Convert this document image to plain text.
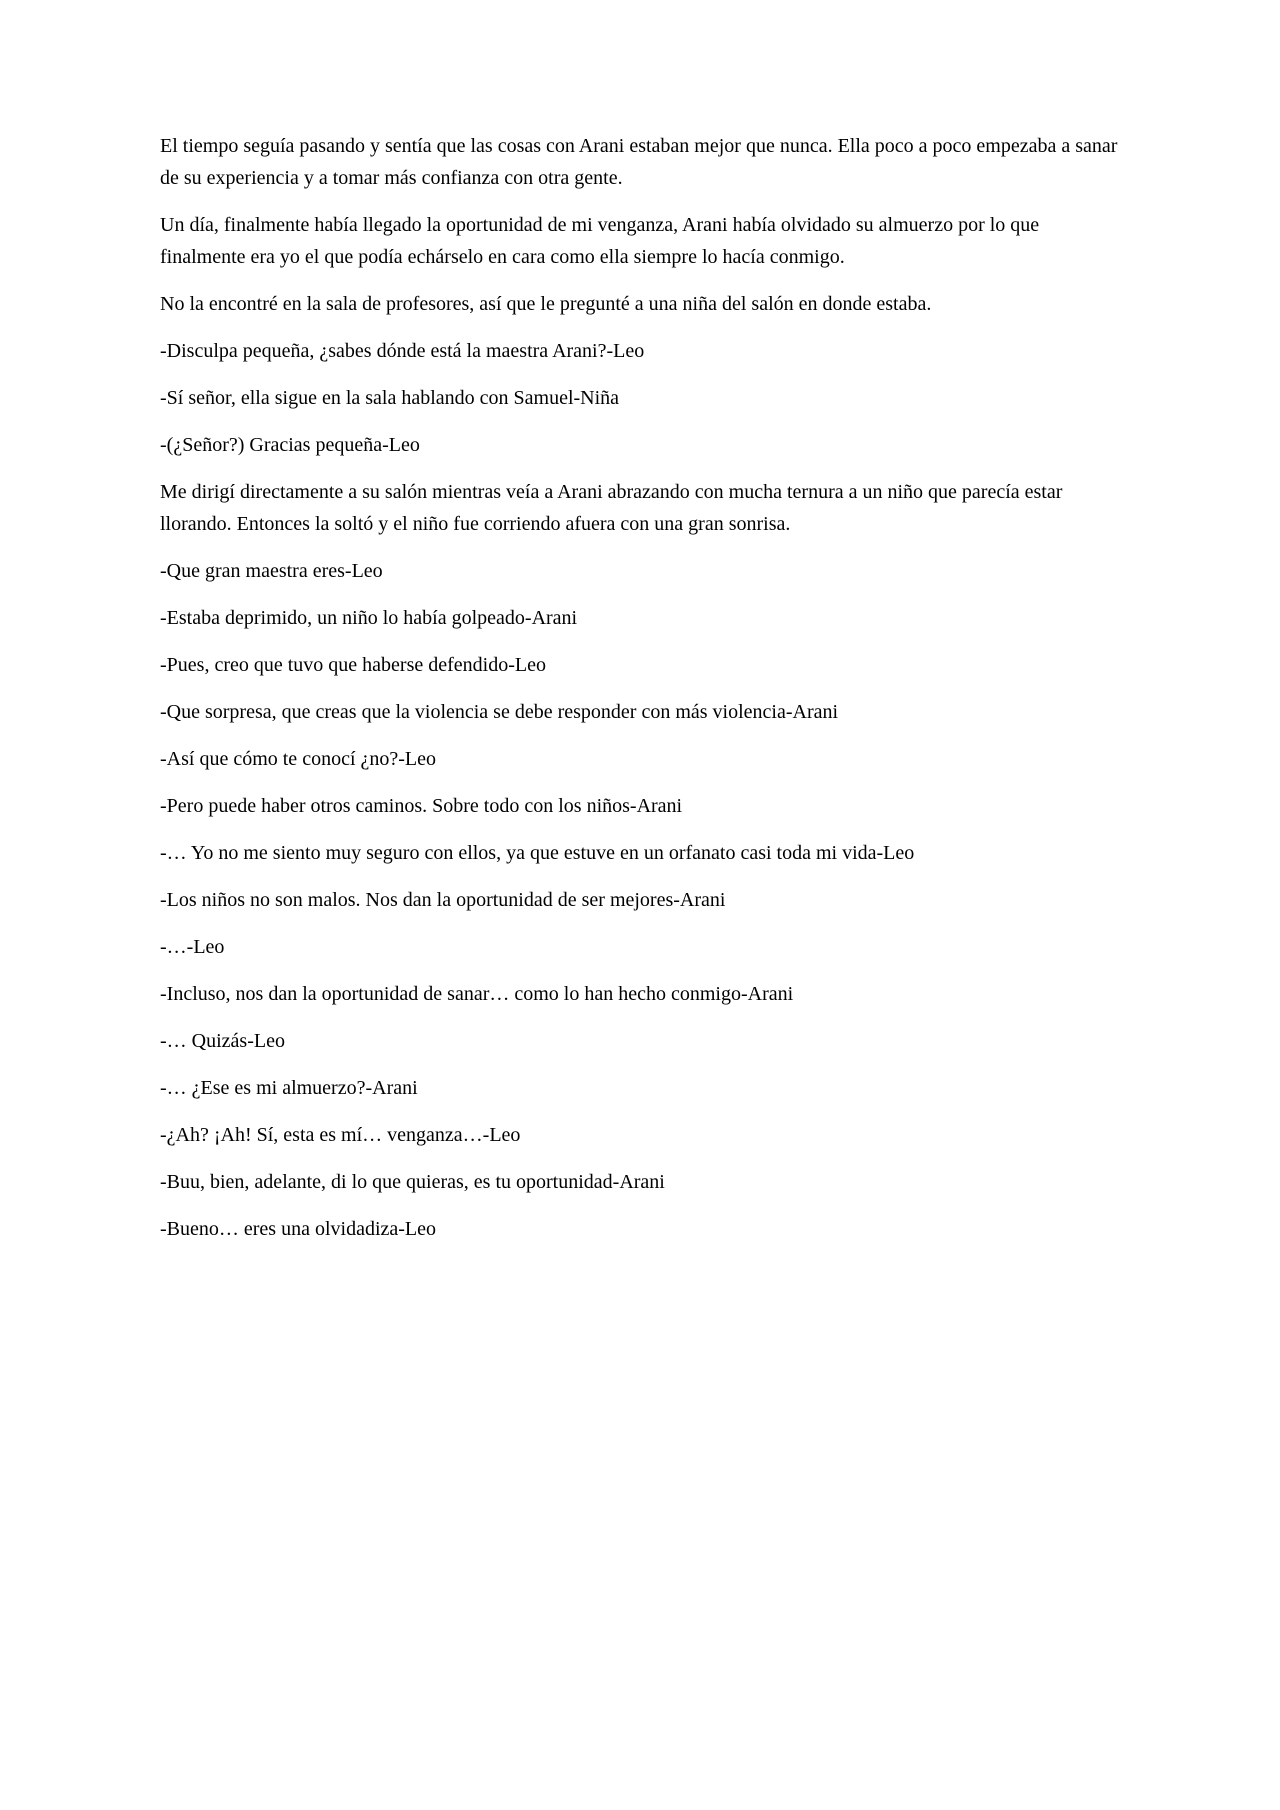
El tiempo seguía pasando y sentía que las cosas con Arani estaban mejor que nunca. Ella poco a poco empezaba a sanar de su experiencia y a tomar más confianza con otra gente.

Un día, finalmente había llegado la oportunidad de mi venganza, Arani había olvidado su almuerzo por lo que finalmente era yo el que podía echárselo en cara como ella siempre lo hacía conmigo.

No la encontré en la sala de profesores, así que le pregunté a una niña del salón en donde estaba.

-Disculpa pequeña, ¿sabes dónde está la maestra Arani?-Leo

-Sí señor, ella sigue en la sala hablando con Samuel-Niña

-(¿Señor?) Gracias pequeña-Leo

Me dirigí directamente a su salón mientras veía a Arani abrazando con mucha ternura a un niño que parecía estar llorando. Entonces la soltó y el niño fue corriendo afuera con una gran sonrisa.

-Que gran maestra eres-Leo

-Estaba deprimido, un niño lo había golpeado-Arani

-Pues, creo que tuvo que haberse defendido-Leo

-Que sorpresa, que creas que la violencia se debe responder con más violencia-Arani

-Así que cómo te conocí ¿no?-Leo

-Pero puede haber otros caminos. Sobre todo con los niños-Arani

-… Yo no me siento muy seguro con ellos, ya que estuve en un orfanato casi toda mi vida-Leo

-Los niños no son malos. Nos dan la oportunidad de ser mejores-Arani

-…-Leo

-Incluso, nos dan la oportunidad de sanar… como lo han hecho conmigo-Arani

-… Quizás-Leo

-… ¿Ese es mi almuerzo?-Arani

-¿Ah? ¡Ah! Sí, esta es mí… venganza…-Leo

-Buu, bien, adelante, di lo que quieras, es tu oportunidad-Arani

-Bueno… eres una olvidadiza-Leo
